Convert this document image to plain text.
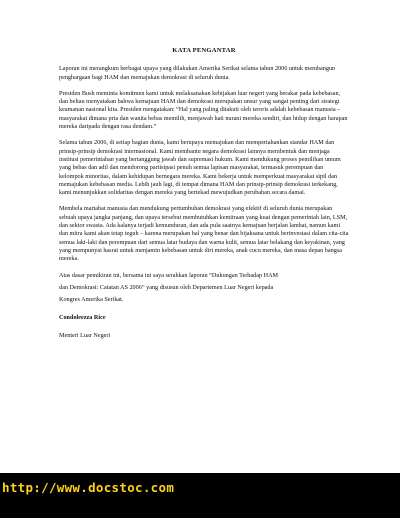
KATA PENGANTAR

Laporan ini merangkum berbagai upaya yang dilakukan Amerika Serikat selama tahun 2006 untuk membangun penghargaan bagi HAM dan memajukan demokrasi di seluruh dunia.

Presiden Bush meminta komitmen kami untuk melaksanakan kebijakan luar negeri yang berakar pada kebebasan, dan beliau menyatakan bahwa kemajuan HAM dan demokrasi merupakan unsur yang sangat penting dari strategi keamanan nasional kita. Presiden mengatakan: “Hal yang paling ditakuti oleh teroris adalah kebebasan manusia – masyarakat dimana pria dan wanita bebas memilih, menjawab hati nurani mereka sendiri, dan hidup dengan harapan mereka daripada dengan rasa dendam.”

Selama tahun 2006, di setiap bagian dunia, kami berupaya memajukan dan mempertahankan standar HAM dan prinsip-prinsip demokrasi internasional. Kami membantu negara demokrasi lainnya membentuk dan menjaga institusi pemerintahan yang bertanggung jawab dan supremasi hukum. Kami mendukung proses pemilihan umum yang bebas dan adil dan mendorong partisipasi penuh semua lapisan masyarakat, termasuk perempuan dan kelompok minoritas, dalam kehidupan bernegara mereka. Kami bekerja untuk memperkuat masyarakat sipil dan memajukan kebebasan media. Lebih jauh lagi, di tempat dimana HAM dan prinsip-prinsip demokrasi terkekang, kami menunjukkan solidaritas dengan mereka yang bertekad mewujudkan perubahan secara damai.

Membela martabat manusia dan mendukung pertumbuhan demokrasi yang efektif di seluruh dunia merupakan sebuah upaya jangka panjang, dan upaya tersebut membutuhkan kemitraan yang kuat dengan pemerintah lain, LSM, dan sektor swasta. Ada kalanya terjadi kemunduran, dan ada pula saatnya kemajuan berjalan lambat, namun kami dan mitra kami akan tetap teguh – karena merupakan hal yang benar dan bijaksana untuk berinvestasi dalam cita-cita semua laki-laki dan perempuan dari semua latar budaya dan warna kulit, semua latar belakang dan keyakinan, yang yang mempunyai hasrat untuk menjamin kebebasan untuk diri mereka, anak cucu mereka, dan masa depan bangsa mereka.

Atas dasar pemikiran ini, bersama ini saya serahkan laporan “Dukungan Terhadap HAM

dan Demokrasi: Catatan AS 2006” yang disusun oleh Departemen Luar Negeri kepada

Kongres Amerika Serikat.

Condoleezza Rice

Menteri Luar Negeri

http://www.docstoc.com
